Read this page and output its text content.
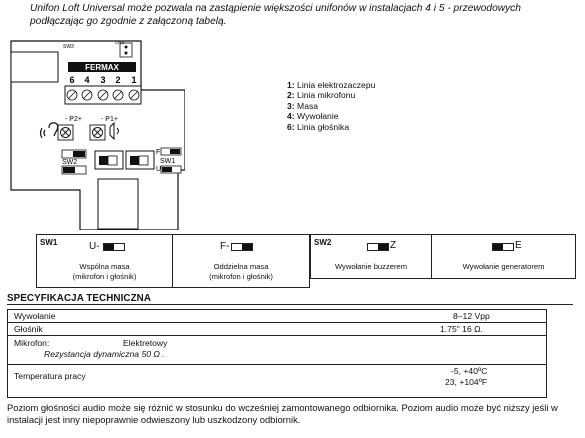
Unifon Loft Universal może pozwala na zastąpienie większości unifonów w instalacjach 4 i 5 - przewodowych podłączając go zgodnie z załączoną tabelą.
SW3
CN3
FERMAX
6 4 3 2 1
- P2+	- P1+
SW2
F
SW1
U
1: Linia elektrozaczepu
2: Linia mikrofonu
3: Masa
4: Wywołanie
6: Linia głośnika
SW1	U-
Wspólna masa
(mikrofon i głośnik)
F-
Oddzielna masa
(mikrofon i głośnik)
SW2	Z
Wywołanie buzzerem
E
Wywołanie generatorem
SPECYFIKACJA TECHNICZNA
Wywołanie	8–12 Vpp
Głośnik	1.75" 16 Ω.
Mikrofon:	Elektretowy
Rezystancja dynamiczna 50 Ω .
Temperatura pracy	-5, +40ºC
23, +104ºF
Poziom głośności audio może się różnić w stosunku do wcześniej zamontowanego odbiornika. Poziom audio może być niższy jeśli w instalacji jest inny niepoprawnie odwieszony lub uszkodzony odbiornik.
